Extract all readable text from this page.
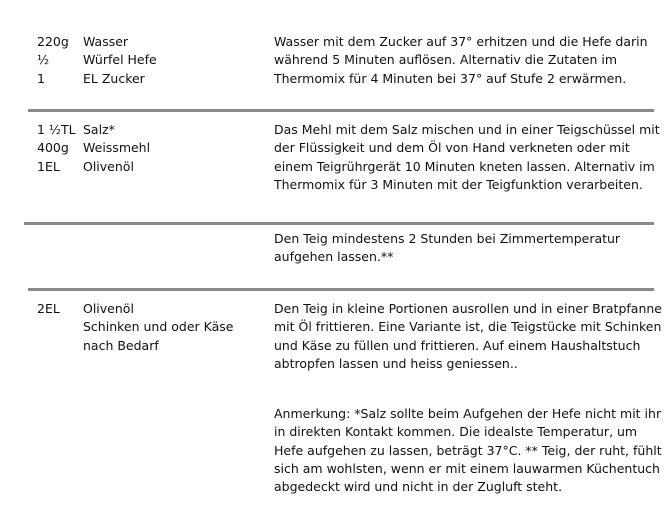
220g	Wasser
½	Würfel Hefe
1	EL Zucker
Wasser mit dem Zucker auf 37° erhitzen und die Hefe darin
während 5 Minuten auflösen. Alternativ die Zutaten im
Thermomix für 4 Minuten bei 37° auf Stufe 2 erwärmen.
1 ½TL Salz*
400g	Weissmehl
1EL	Olivenöl
Das Mehl mit dem Salz mischen und in einer Teigschüssel mit
der Flüssigkeit und dem Öl von Hand verkneten oder mit
einem Teigrührgerät 10 Minuten kneten lassen. Alternativ im
Thermomix für 3 Minuten mit der Teigfunktion verarbeiten.
Den Teig mindestens 2 Stunden bei Zimmertemperatur
aufgehen lassen.**
2EL	Olivenöl
Schinken und oder Käse
nach Bedarf
Den Teig in kleine Portionen ausrollen und in einer Bratpfanne
mit Öl frittieren. Eine Variante ist, die Teigstücke mit Schinken
und Käse zu füllen und frittieren. Auf einem Haushaltstuch
abtropfen lassen und heiss geniessen..
Anmerkung: *Salz sollte beim Aufgehen der Hefe nicht mit ihr
in direkten Kontakt kommen. Die idealste Temperatur, um
Hefe aufgehen zu lassen, beträgt 37°C. ** Teig, der ruht, fühlt
sich am wohlsten, wenn er mit einem lauwarmen Küchentuch
abgedeckt wird und nicht in der Zugluft steht.
